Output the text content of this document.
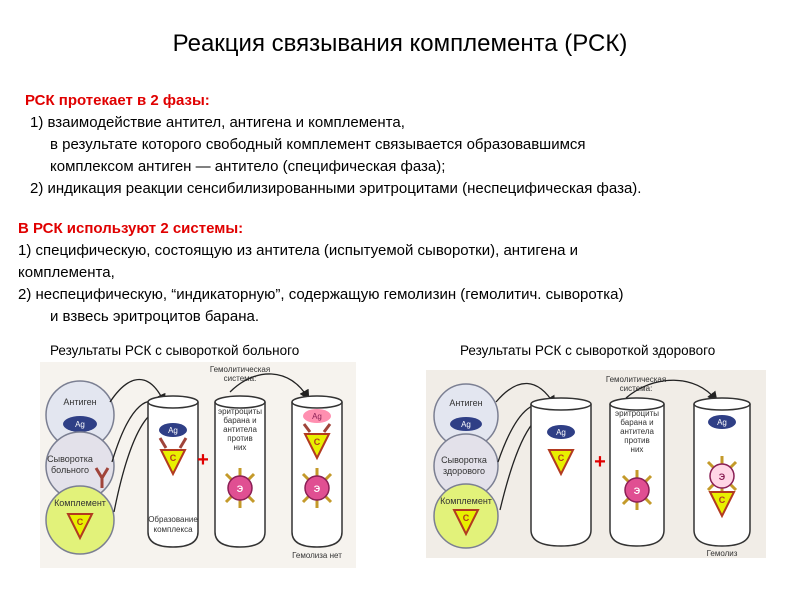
Реакция связывания комплемента (РСК)
РСК протекает в 2 фазы:
1) взаимодействие антител, антигена и комплемента,
в результате которого свободный комплемент связывается образовавшимся
комплексом антиген — антитело (специфическая фаза);
2) индикация реакции сенсибилизированными эритроцитами (неспецифическая фаза).
В РСК используют 2 системы:
1) специфическую, состоящую из антитела (испытуемой сыворотки), антигена и
комплемента,
2) неспецифическую, “индикаторную”, содержащую гемолизин (гемолитич. сыворотка)
и взвесь эритроцитов барана.
Результаты РСК с сывороткой больного	Результаты РСК с сывороткой здорового
Антиген
Ag
Сыворотка
больного
Комплемент
С
Ag
С
Образование
комплекса
Гемолитическая
система:
+
эритроциты
барана и
антитела
против
них
Э
Ag
С
Э
Гемолиза нет
Антиген
Ag
Сыворотка
здорового
Комплемент
С
Ag
С
Гемолитическая
система:
+
эритроциты
барана и
антитела
против
них
Э
Ag
Э
С
Гемолиз
